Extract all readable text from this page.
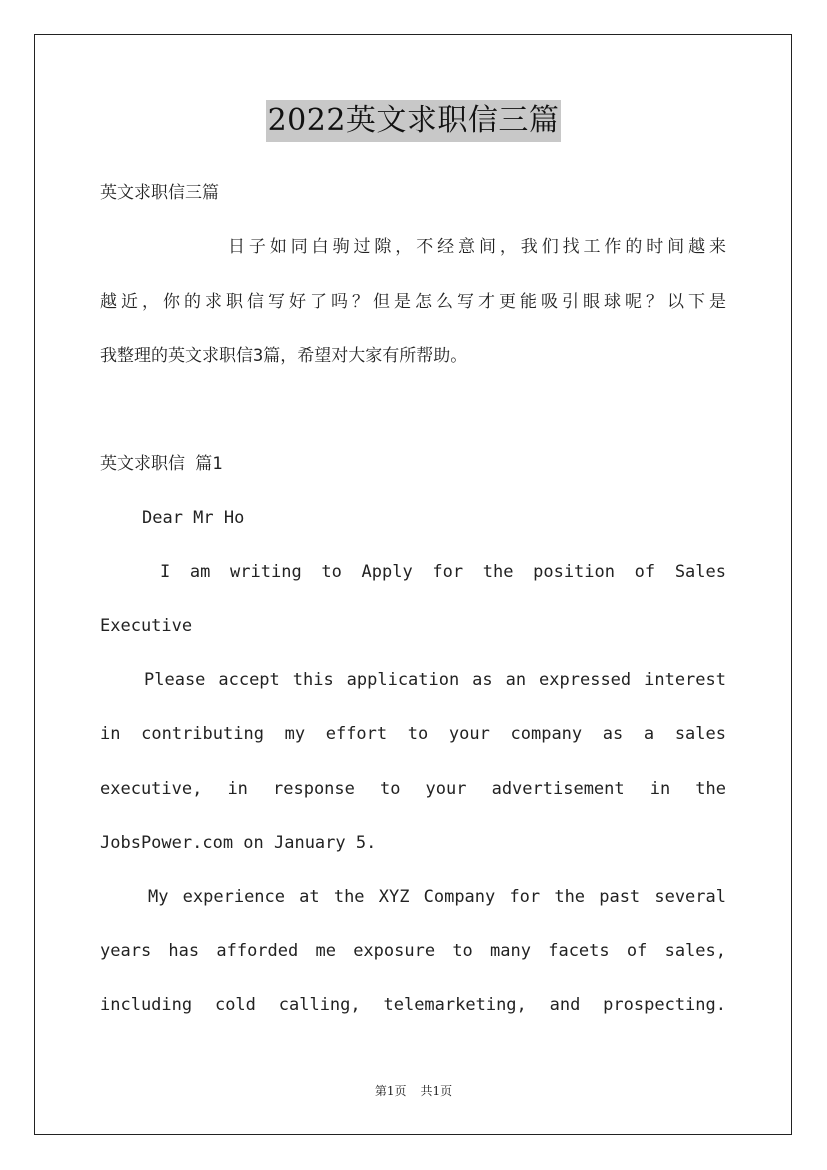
2022英文求职信三篇
英文求职信三篇
日子如同白驹过隙，不经意间，我们找工作的时间越来
越近，你的求职信写好了吗？但是怎么写才更能吸引眼球呢？以下是
我整理的英文求职信3篇，希望对大家有所帮助。
英文求职信 篇1
Dear Mr Ho
I am writing to Apply for the position of Sales
Executive
Please accept this application as an expressed interest
in contributing my effort to your company as a sales
executive, in response to your advertisement in the
JobsPower.com on January 5.
My experience at the XYZ Company for the past several
years has afforded me exposure to many facets of sales,
including cold calling, telemarketing, and prospecting.
第1页 共1页
